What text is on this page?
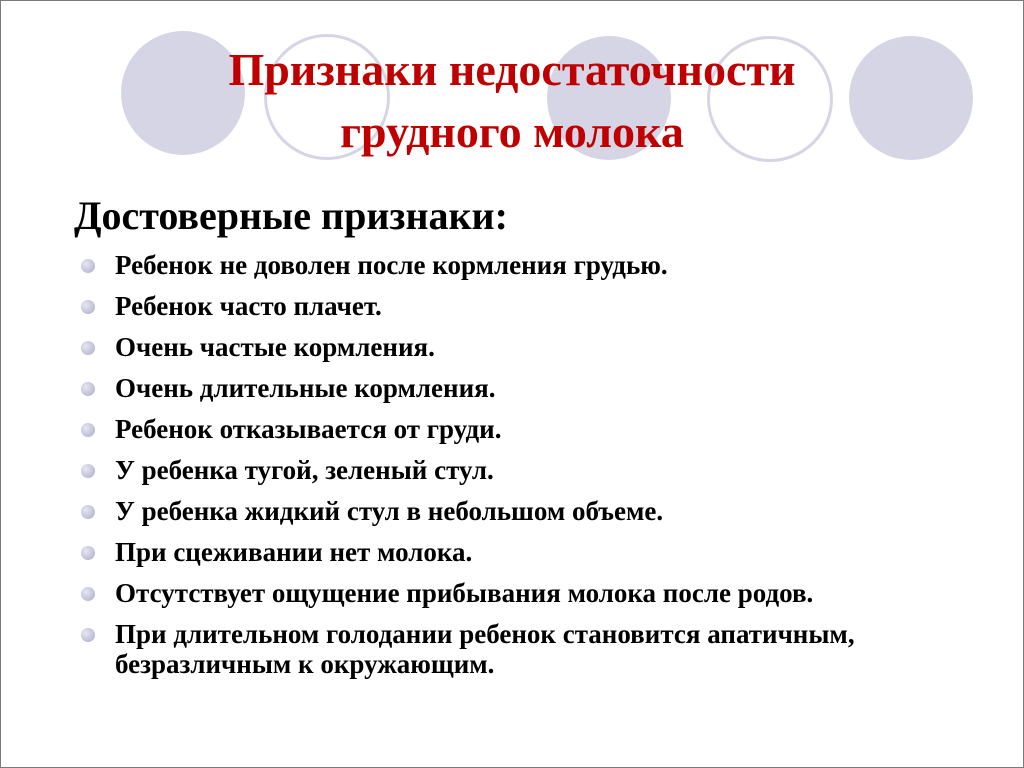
Признаки недостаточности
грудного молока
Достоверные признаки:
Ребенок не доволен после кормления грудью.
Ребенок часто плачет.
Очень частые кормления.
Очень длительные кормления.
Ребенок отказывается от груди.
У ребенка тугой, зеленый стул.
У ребенка жидкий стул в небольшом объеме.
При сцеживании нет молока.
Отсутствует ощущение прибывания молока после родов.
При длительном голодании ребенок становится апатичным, безразличным к окружающим.
